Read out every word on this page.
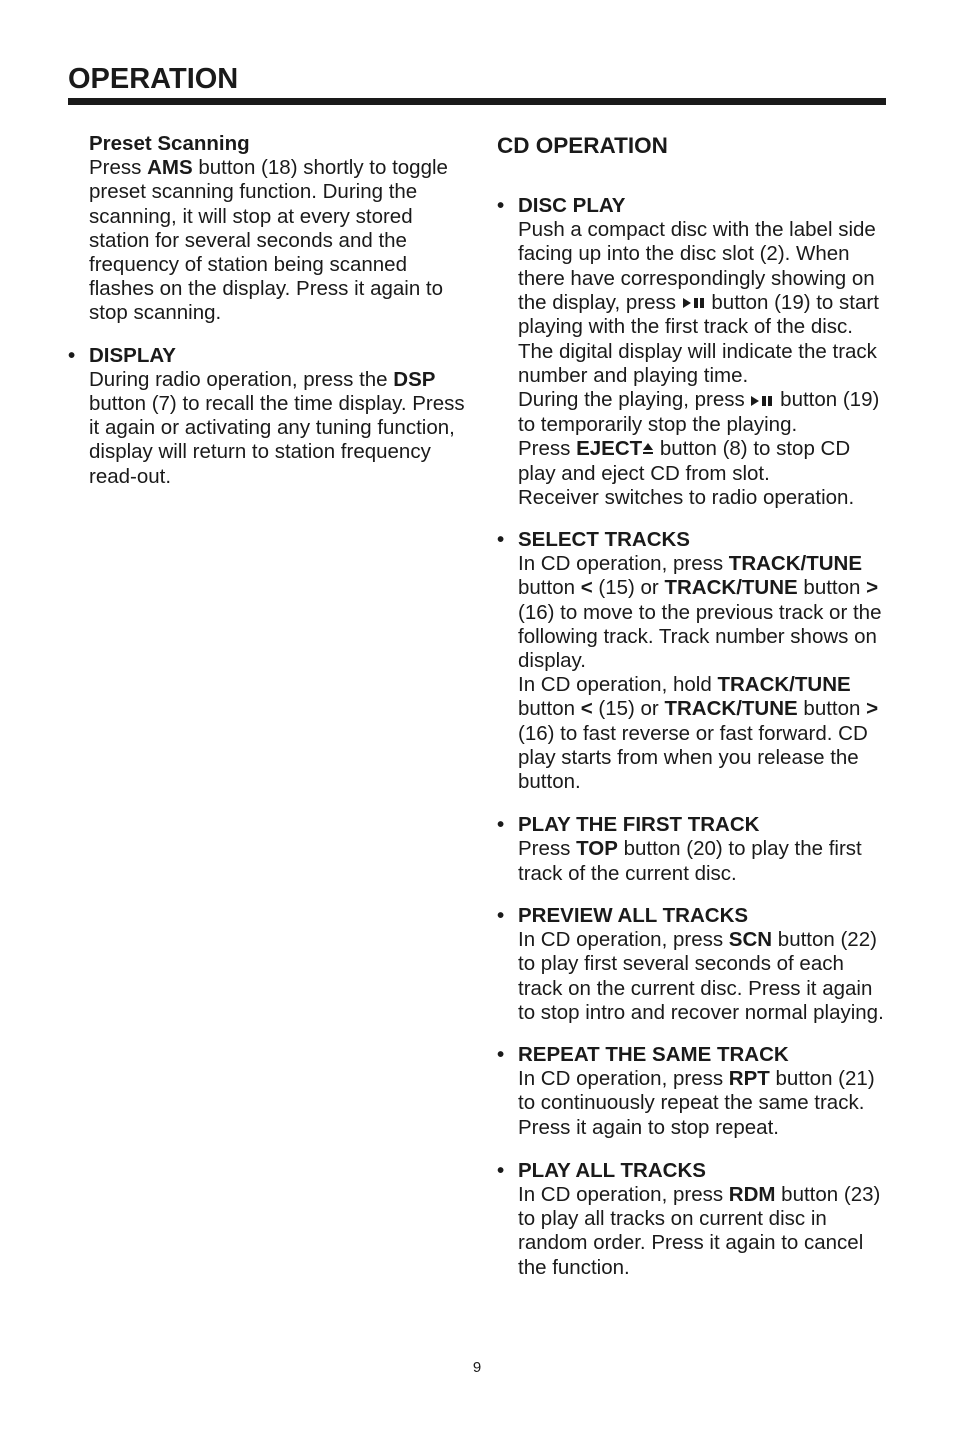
OPERATION
Preset Scanning

Press AMS button (18) shortly to toggle preset scanning function. During the scanning, it will stop at every stored station for several seconds and the frequency of station being scanned flashes on the display. Press it again to stop scanning.

• DISPLAY

During radio operation, press the DSP button (7) to recall the time display. Press it again or activating any tuning function, display will return to station frequency read-out.

CD OPERATION
• DISC PLAY

Push a compact disc with the label side facing up into the disc slot (2). When there have correspondingly showing on the display, press  button (19) to start playing with the first track of the disc. The digital display will indicate the track number and playing time.

During the playing, press  button (19) to temporarily stop the playing.

Press EJECT button (8) to stop CD play and eject CD from slot.

Receiver switches to radio operation.

• SELECT TRACKS

In CD operation, press TRACK/TUNE button < (15) or TRACK/TUNE button > (16) to move to the previous track or the following track. Track number shows on display.

In CD operation, hold TRACK/TUNE button < (15) or TRACK/TUNE button > (16) to fast reverse or fast forward. CD play starts from when you release the button.

• PLAY THE FIRST TRACK

Press TOP button (20) to play the first track of the current disc.

• PREVIEW ALL TRACKS

In CD operation, press SCN button (22) to play first several seconds of each track on the current disc. Press it again to stop intro and recover normal playing.

• REPEAT THE SAME TRACK

In CD operation, press RPT button (21) to continuously repeat the same track. Press it again to stop repeat.

• PLAY ALL TRACKS

In CD operation, press RDM button (23) to play all tracks on current disc in random order. Press it again to cancel the function.

9
